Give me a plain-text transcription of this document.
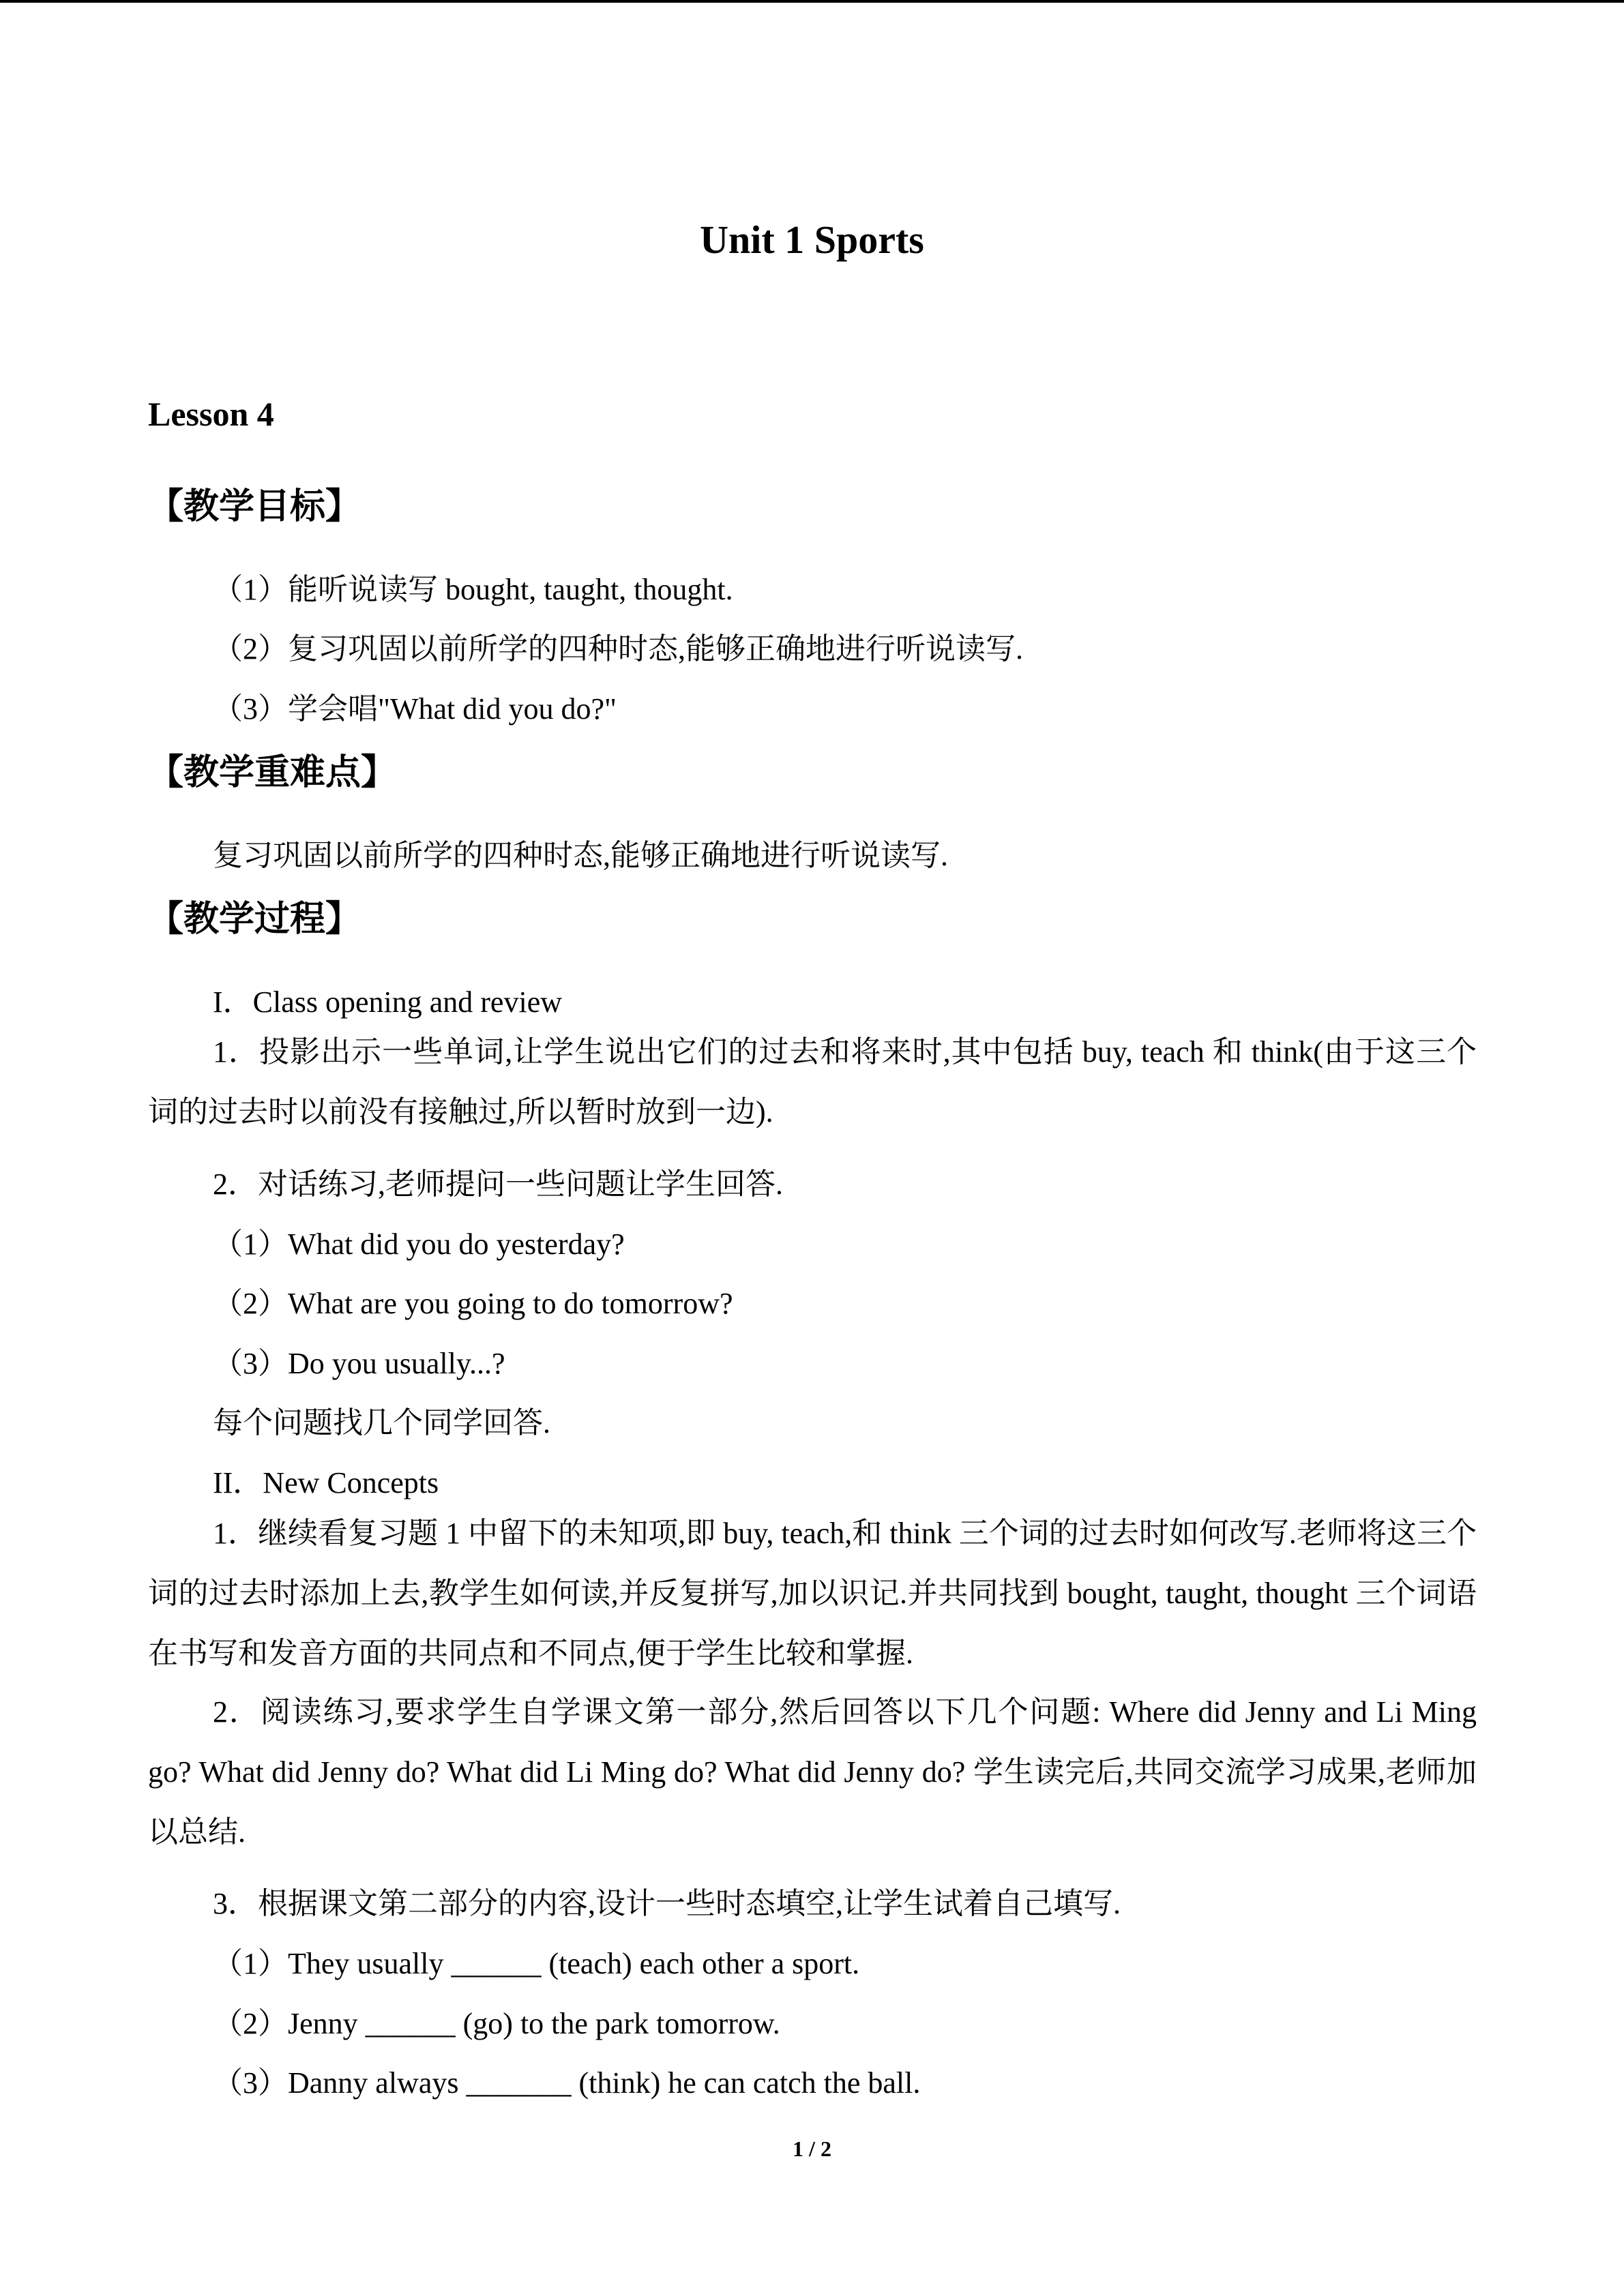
Unit 1 Sports
Lesson 4
【教学目标】
（1）能听说读写 bought, taught, thought.
（2）复习巩固以前所学的四种时态,能够正确地进行听说读写.
（3）学会唱"What did you do?"
【教学重难点】
复习巩固以前所学的四种时态,能够正确地进行听说读写.
【教学过程】
I．Class opening and review
1．投影出示一些单词,让学生说出它们的过去和将来时,其中包括 buy, teach 和 think(由于这三个词的过去时以前没有接触过,所以暂时放到一边).
2．对话练习,老师提问一些问题让学生回答.
（1）What did you do yesterday?
（2）What are you going to do tomorrow?
（3）Do you usually...?
每个问题找几个同学回答.
II．New Concepts
1．继续看复习题 1 中留下的未知项,即 buy, teach,和 think 三个词的过去时如何改写.老师将这三个词的过去时添加上去,教学生如何读,并反复拼写,加以识记.并共同找到 bought, taught, thought 三个词语在书写和发音方面的共同点和不同点,便于学生比较和掌握.
2．阅读练习,要求学生自学课文第一部分,然后回答以下几个问题: Where did Jenny and Li Ming go? What did Jenny do? What did Li Ming do? What did Jenny do? 学生读完后,共同交流学习成果,老师加以总结.
3．根据课文第二部分的内容,设计一些时态填空,让学生试着自己填写.
（1）They usually ______ (teach) each other a sport.
（2）Jenny ______ (go) to the park tomorrow.
（3）Danny always _______ (think) he can catch the ball.
1 / 2
